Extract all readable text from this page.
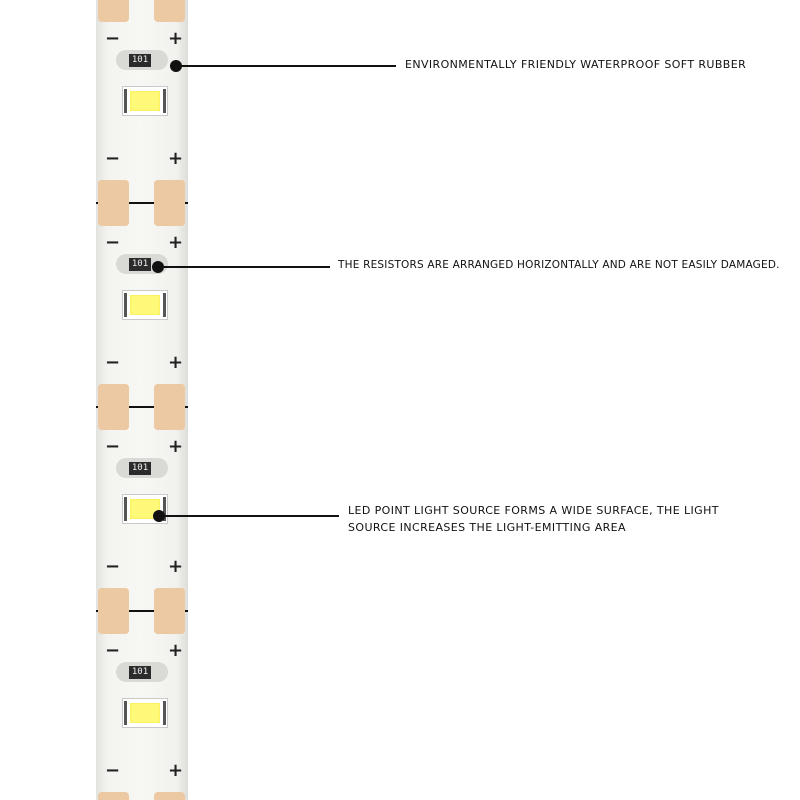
−	+
101
−	+
−	+
101
−	+
−	+
101
−	+
−	+
101
−	+
ENVIRONMENTALLY FRIENDLY WATERPROOF SOFT RUBBER
THE RESISTORS ARE ARRANGED HORIZONTALLY AND ARE NOT EASILY DAMAGED.
LED POINT LIGHT SOURCE FORMS A WIDE SURFACE, THE LIGHT
SOURCE INCREASES THE LIGHT-EMITTING AREA
